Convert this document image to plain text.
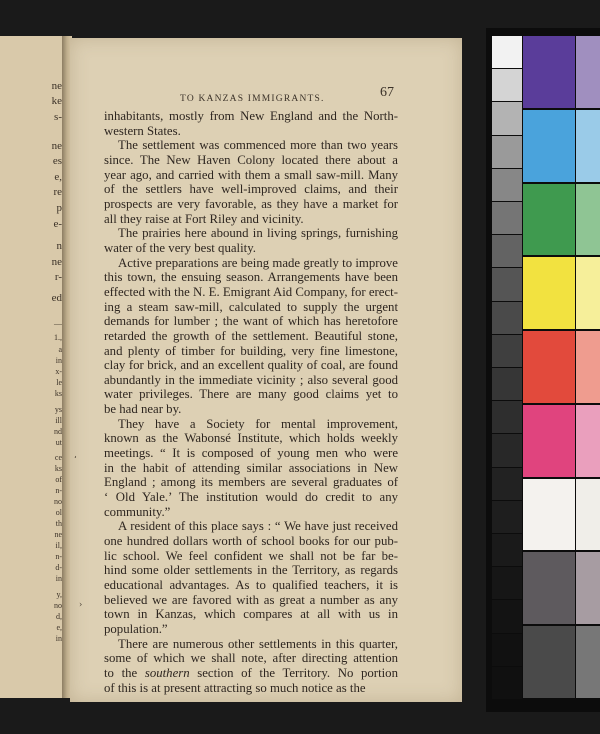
ne
ke
s-
ne
es
e,
re
p
e-
n
ne
r-
ed
—
1.,
a
in
x-
le
ks
ys
ill
nd
ut
ce
ks
of
n-
no
ol
th
ne
il,
n-
d-
in
y,
no
d,
e,
in
TO KANZAS IMMIGRANTS.	67

inhabitants, mostly from New England and the North-
western States.

The settlement was commenced more than two years
since. The New Haven Colony located there about a
year ago, and carried with them a small saw-mill. Many
of the settlers have well-improved claims, and their
prospects are very favorable, as they have a market for
all they raise at Fort Riley and vicinity.

The prairies here abound in living springs, furnishing
water of the very best quality.

Active preparations are being made greatly to improve
this town, the ensuing season. Arrangements have been
effected with the N. E. Emigrant Aid Company, for erect-
ing a steam saw-mill, calculated to supply the urgent
demands for lumber ; the want of which has heretofore
retarded the growth of the settlement. Beautiful stone,
and plenty of timber for building, very fine limestone,
clay for brick, and an excellent quality of coal, are found
abundantly in the immediate vicinity ; also several good
water privileges. There are many good claims yet to
be had near by.

They have a Society for mental improvement,
known as the Wabonsé Institute, which holds weekly
meetings. “ It is composed of young men who were
in the habit of attending similar associations in New
England ; among its members are several graduates of
‘ Old Yale.’ The institution would do credit to any
community.”

A resident of this place says : “ We have just received
one hundred dollars worth of school books for our pub-
lic school. We feel confident we shall not be far be-
hind some older settlements in the Territory, as regards
educational advantages. As to qualified teachers, it is
believed we are favored with as great a number as any
town in Kanzas, which compares at all with us in
population.”

There are numerous other settlements in this quarter,
some of which we shall note, after directing attention
to the southern section of the Territory. No portion
of this is at present attracting so much notice as the

‘
›
